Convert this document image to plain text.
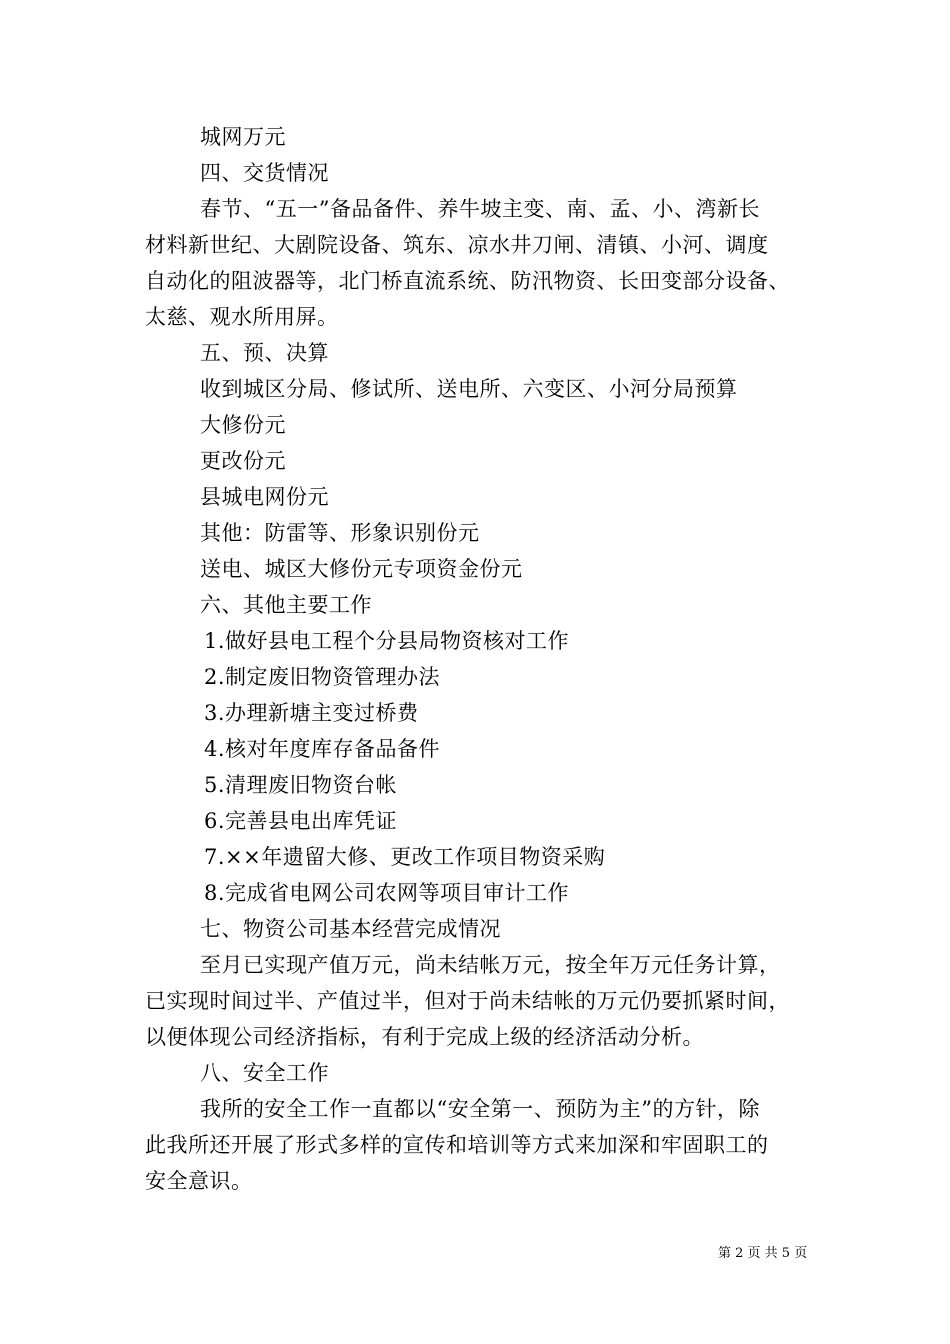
城网万元
四、交货情况
春节、“五一”备品备件、养牛坡主变、南、孟、小、湾新长
材料新世纪、大剧院设备、筑东、凉水井刀闸、清镇、小河、调度
自动化的阻波器等，北门桥直流系统、防汛物资、长田变部分设备、
太慈、观水所用屏。
五、预、决算
收到城区分局、修试所、送电所、六变区、小河分局预算
大修份元
更改份元
县城电网份元
其他：防雷等、形象识别份元
送电、城区大修份元专项资金份元
六、其他主要工作
1.做好县电工程个分县局物资核对工作
2.制定废旧物资管理办法
3.办理新塘主变过桥费
4.核对年度库存备品备件
5.清理废旧物资台帐
6.完善县电出库凭证
7.××年遗留大修、更改工作项目物资采购
8.完成省电网公司农网等项目审计工作
七、物资公司基本经营完成情况
至月已实现产值万元，尚未结帐万元，按全年万元任务计算，
已实现时间过半、产值过半，但对于尚未结帐的万元仍要抓紧时间，
以便体现公司经济指标，有利于完成上级的经济活动分析。
八、安全工作
我所的安全工作一直都以“安全第一、预防为主”的方针，除
此我所还开展了形式多样的宣传和培训等方式来加深和牢固职工的
安全意识。
第 2 页 共 5 页
